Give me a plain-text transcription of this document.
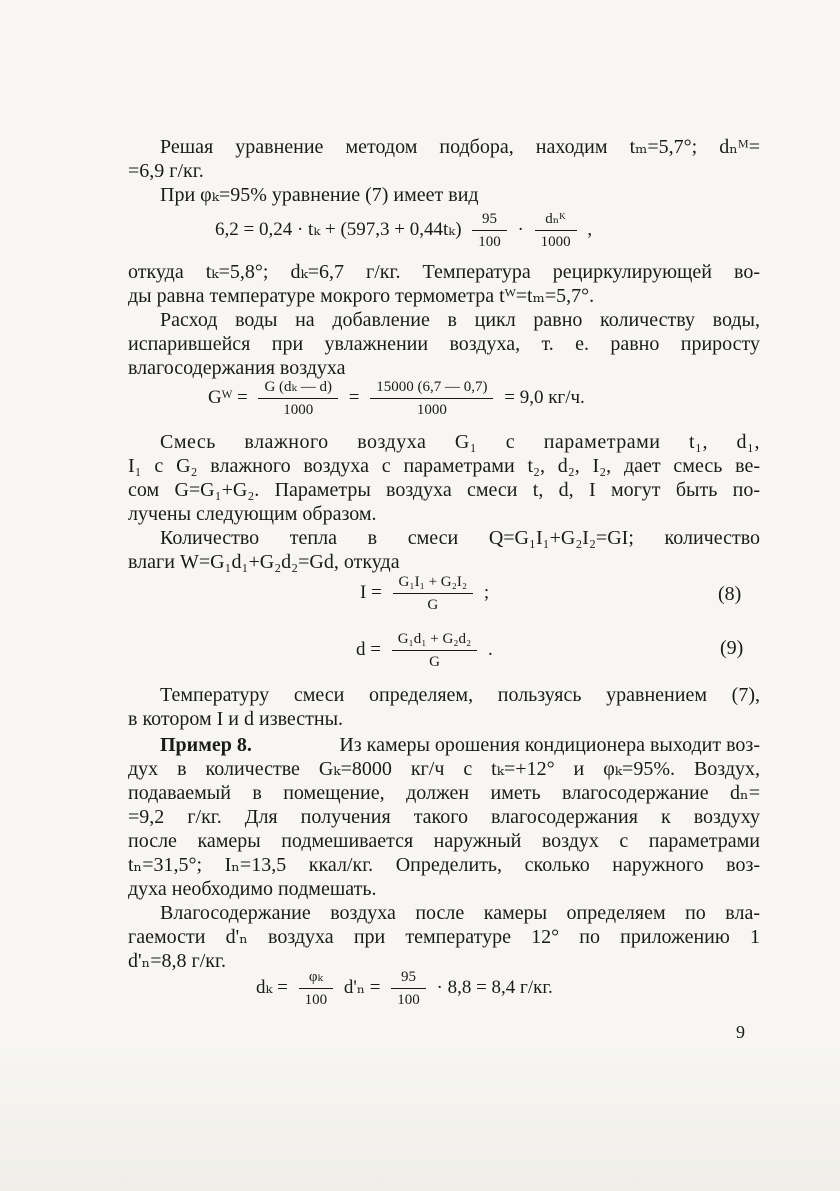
Решая уравнение методом подбора, находим tₘ=5,7°; dₙᴹ=
=6,9 г/кг.
При φₖ=95% уравнение (7) имеет вид
$6,2 = 0,24 \cdot t_k + (597,3 + 0,44t_k) \frac{95}{100} \cdot \frac{\text{dₙᴷ}}{1000}$ ,
откуда tₖ=5,8°; dₖ=6,7 г/кг. Температура рециркулирующей во-
ды равна температуре мокрого термометра tᵂ=tₘ=5,7°.
Расход воды на добавление в цикл равно количеству воды,
испарившейся при увлажнении воздуха, т. е. равно приросту
влагосодержания воздуха
Gᵂ = $\frac{\text{G (dₖ — d)}}{1000} = \frac{15000 (6,7 — 0,7)}{1000} = 9,0$ кг/ч.
Смесь влажного воздуха G₁ с параметрами t₁, d₁,
I₁ с G₂ влажного воздуха с параметрами t₂, d₂, I₂, дает смесь ве-
сом G=G₁+G₂. Параметры воздуха смеси t, d, I могут быть по-
лучены следующим образом.
Количество тепла в смеси Q=G₁I₁+G₂I₂=GI; количество
влаги W=G₁d₁+G₂d₂=Gd, откуда
$I = \frac{\text{G₁I₁ + G₂I₂}}{G}$ ;	(8)
$d = \frac{\text{G₁d₁ + G₂d₂}}{G}$ .	(9)
Температуру смеси определяем, пользуясь уравнением (7),
в котором I и d известны.
Пример 8.	Из камеры орошения кондиционера выходит воз-
дух в количестве Gₖ=8000 кг/ч с tₖ=+12° и φₖ=95%. Воздух,
подаваемый в помещение, должен иметь влагосодержание dₙ=
=9,2 г/кг. Для получения такого влагосодержания к воздуху
после камеры подмешивается наружный воздух с параметрами
tₙ=31,5°; Iₙ=13,5 ккал/кг. Определить, сколько наружного воз-
духа необходимо подмешать.
Влагосодержание воздуха после камеры определяем по вла-
гаемости d'ₙ воздуха при температуре 12° по приложению 1
d'ₙ=8,8 г/кг.
$d_k = \frac{\text{φₖ}}{100} d'_n = \frac{95}{100} \cdot 8,8 = 8,4$ г/кг.
9
